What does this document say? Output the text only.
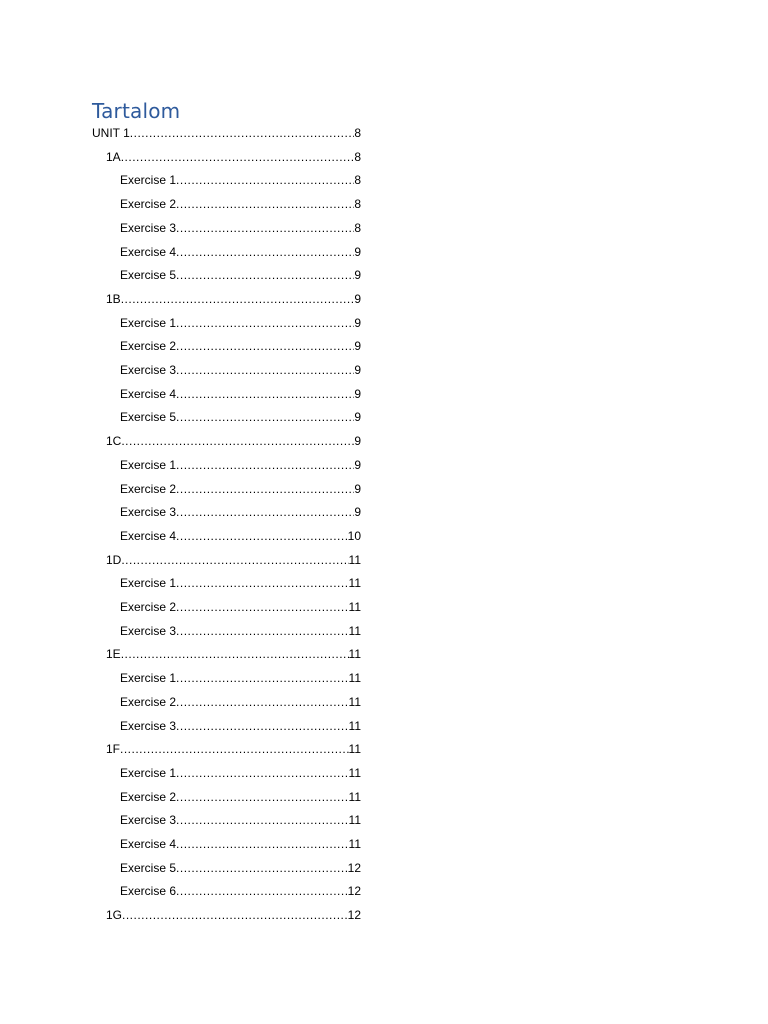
Tartalom
UNIT 1 .....	8
1A .....	8
Exercise 1 .....	8
Exercise 2 .....	8
Exercise 3 .....	8
Exercise 4 .....	9
Exercise 5 .....	9
1B .....	9
Exercise 1 .....	9
Exercise 2 .....	9
Exercise 3 .....	9
Exercise 4 .....	9
Exercise 5 .....	9
1C .....	9
Exercise 1 .....	9
Exercise 2 .....	9
Exercise 3 .....	9
Exercise 4 .....	10
1D .....	11
Exercise 1 .....	11
Exercise 2 .....	11
Exercise 3 .....	11
1E .....	11
Exercise 1 .....	11
Exercise 2 .....	11
Exercise 3 .....	11
1F .....	11
Exercise 1 .....	11
Exercise 2 .....	11
Exercise 3 .....	11
Exercise 4 .....	11
Exercise 5 .....	12
Exercise 6 .....	12
1G .....	12
